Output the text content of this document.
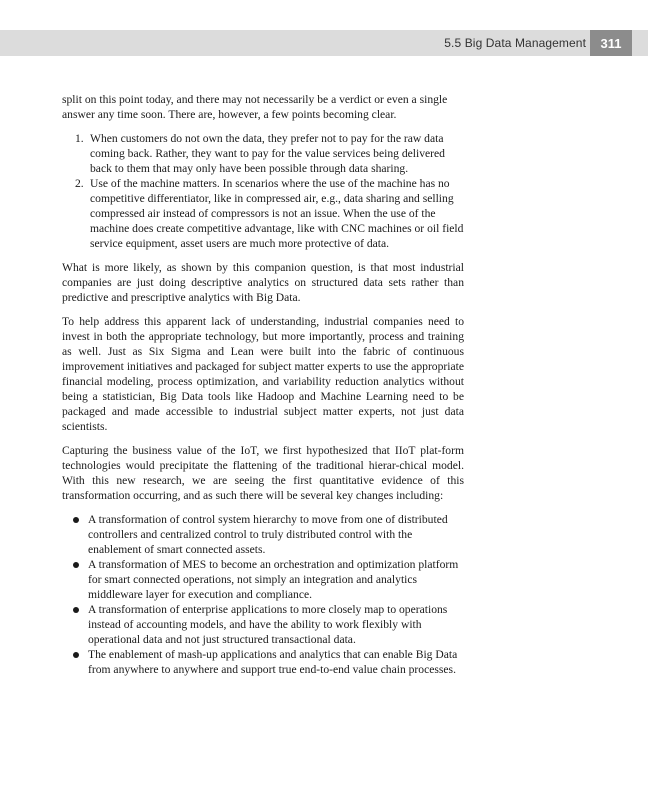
5.5 Big Data Management	311

split on this point today, and there may not necessarily be a verdict or even a single answer any time soon. There are, however, a few points becoming clear.

1. When customers do not own the data, they prefer not to pay for the raw data coming back. Rather, they want to pay for the value services being delivered back to them that may only have been possible through data sharing.
2. Use of the machine matters. In scenarios where the use of the machine has no competitive differentiator, like in compressed air, e.g., data sharing and selling compressed air instead of compressors is not an issue. When the use of the machine does create competitive advantage, like with CNC machines or oil field service equipment, asset users are much more protective of data.

What is more likely, as shown by this companion question, is that most industrial companies are just doing descriptive analytics on structured data sets rather than predictive and prescriptive analytics with Big Data.

To help address this apparent lack of understanding, industrial companies need to invest in both the appropriate technology, but more importantly, process and training as well. Just as Six Sigma and Lean were built into the fabric of continuous improvement initiatives and packaged for subject matter experts to use the appropriate financial modeling, process optimization, and variability reduction analytics without being a statistician, Big Data tools like Hadoop and Machine Learning need to be packaged and made accessible to industrial subject matter experts, not just data scientists.

Capturing the business value of the IoT, we first hypothesized that IIoT plat-form technologies would precipitate the flattening of the traditional hierar-chical model. With this new research, we are seeing the first quantitative evidence of this transformation occurring, and as such there will be several key changes including:

A transformation of control system hierarchy to move from one of distributed controllers and centralized control to truly distributed control with the enablement of smart connected assets.
A transformation of MES to become an orchestration and optimization platform for smart connected operations, not simply an integration and analytics middleware layer for execution and compliance.
A transformation of enterprise applications to more closely map to operations instead of accounting models, and have the ability to work flexibly with operational data and not just structured transactional data.
The enablement of mash-up applications and analytics that can enable Big Data from anywhere to anywhere and support true end-to-end value chain processes.
